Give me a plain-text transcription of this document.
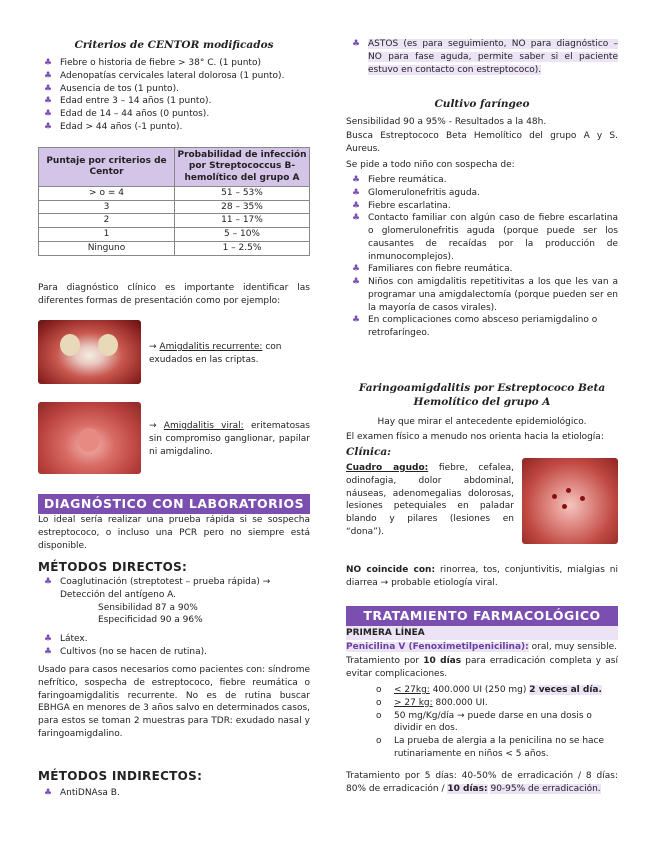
Criterios de CENTOR modificados
♣ Fiebre o historia de fiebre > 38° C. (1 punto)
♣ Adenopatías cervicales lateral dolorosa (1 punto).
♣ Ausencia de tos (1 punto).
♣ Edad entre 3 – 14 años (1 punto).
♣ Edad de 14 – 44 años (0 puntos).
♣ Edad > 44 años (-1 punto).
Puntaje por criterios de Centor	Probabilidad de infección por Streptococcus B-hemolítico del grupo A
> o = 4	51 – 53%
3	28 – 35%
2	11 – 17%
1	5 – 10%
Ninguno	1 – 2.5%

Para diagnóstico clínico es importante identificar las diferentes formas de presentación como por ejemplo:

→ Amigdalitis recurrente: con exudados en las criptas.

→ Amigdalitis viral: eritematosas sin compromiso ganglionar, papilar ni amigdalino.

DIAGNÓSTICO CON LABORATORIOS

Lo ideal sería realizar una prueba rápida si se sospecha estreptococo, o incluso una PCR pero no siempre está disponible.

MÉTODOS DIRECTOS:
♣ Coaglutinación (streptotest – prueba rápida) → Detección del antígeno A.
Sensibilidad 87 a 90%
Especificidad 90 a 96%
♣ Látex.
♣ Cultivos (no se hacen de rutina).

Usado para casos necesarios como pacientes con: síndrome nefrítico, sospecha de estreptococo, fiebre reumática o faringoamigdalitis recurrente. No es de rutina buscar EBHGA en menores de 3 años salvo en determinados casos, para estos se toman 2 muestras para TDR: exudado nasal y faringoamigdalino.

MÉTODOS INDIRECTOS:
♣ AntiDNAsa B.
♣ ASTOS (es para seguimiento, NO para diagnóstico – NO para fase aguda, permite saber si el paciente estuvo en contacto con estreptococo).
Cultivo faríngeo

Sensibilidad 90 a 95% - Resultados a la 48h.

Busca Estreptococo Beta Hemolítico del grupo A y S. Aureus.

Se pide a todo niño con sospecha de:

♣ Fiebre reumática.
♣ Glomerulonefritis aguda.
♣ Fiebre escarlatina.
♣ Contacto familiar con algún caso de fiebre escarlatina o glomerulonefritis aguda (porque puede ser los causantes de recaídas por la producción de inmunocomplejos).
♣ Familiares con fiebre reumática.
♣ Niños con amigdalitis repetitivitas a los que les van a programar una amigdalectomía (porque pueden ser en la mayoría de casos virales).
♣ En complicaciones como absceso periamigdalino o retrofaríngeo.
Faringoamigdalitis por Estreptococo Beta Hemolítico del grupo A

Hay que mirar el antecedente epidemiológico.

El examen físico a menudo nos orienta hacia la etiología:

Clínica:

Cuadro agudo: fiebre, cefalea, odinofagia, dolor abdominal, náuseas, adenomegalias dolorosas, lesiones petequiales en paladar blando y pilares (lesiones en “dona”).

NO coincide con: rinorrea, tos, conjuntivitis, mialgias ni diarrea → probable etiología viral.

TRATAMIENTO FARMACOLÓGICO
PRIMERA LÍNEA

Penicilina V (Fenoximetilpenicilina): oral, muy sensible.

Tratamiento por 10 días para erradicación completa y así evitar complicaciones.

o < 27kg: 400.000 UI (250 mg) 2 veces al día.
o > 27 kg: 800.000 UI.
o 50 mg/Kg/día → puede darse en una dosis o dividir en dos.
o La prueba de alergia a la penicilina no se hace rutinariamente en niños < 5 años.

Tratamiento por 5 días: 40-50% de erradicación / 8 días: 80% de erradicación / 10 días: 90-95% de erradicación.
